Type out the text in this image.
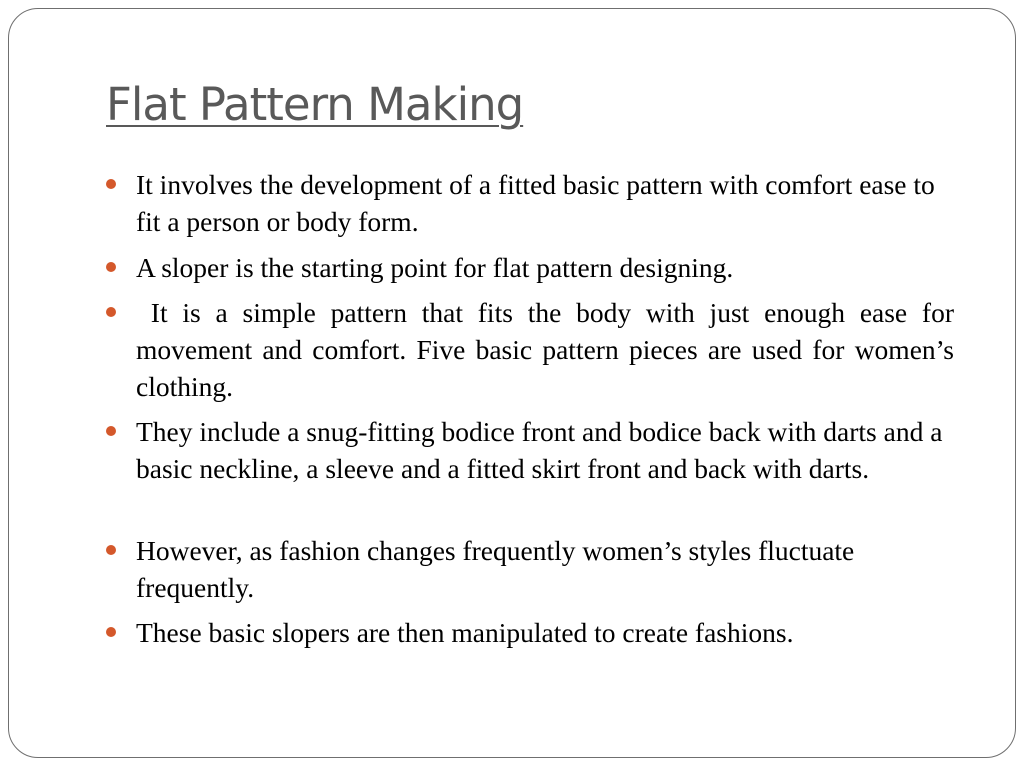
Flat Pattern Making
It involves the development of a fitted basic pattern with comfort ease to fit a person or body form.
A sloper is the starting point for flat pattern designing.
It is a simple pattern that fits the body with just enough ease for movement and comfort. Five basic pattern pieces are used for women’s clothing.
They include a snug-fitting bodice front and bodice back with darts and a basic neckline, a sleeve and a fitted skirt front and back with darts.
However, as fashion changes frequently women’s styles fluctuate frequently.
These basic slopers are then manipulated to create fashions.
